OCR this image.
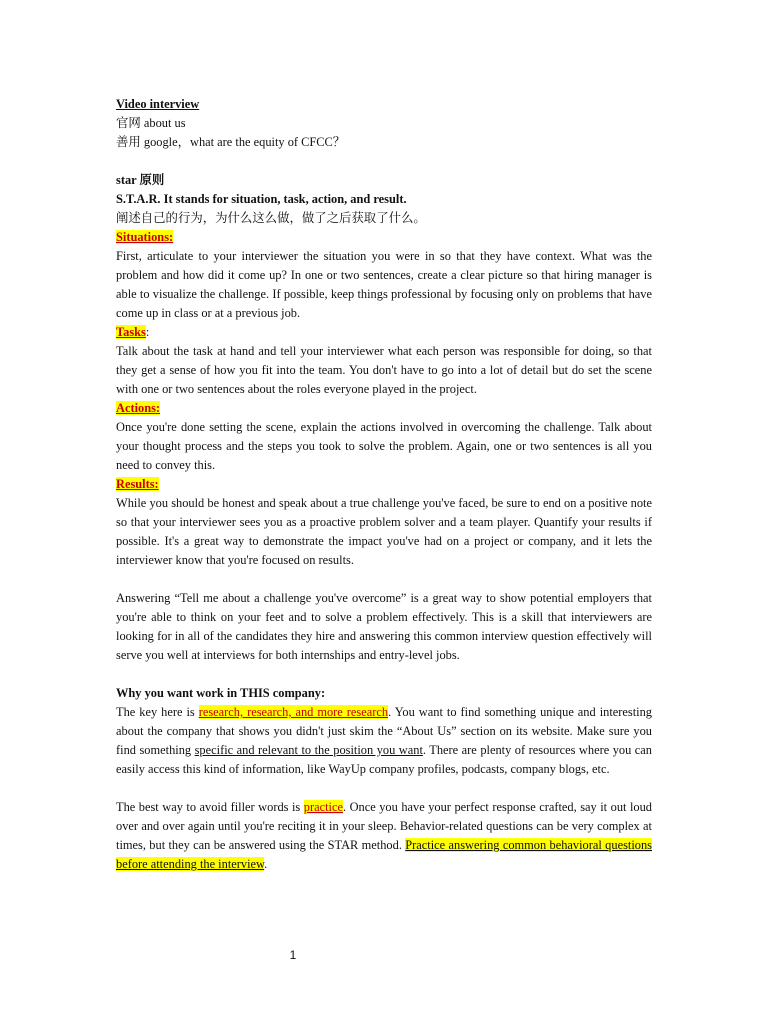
Video interview

官网 about us

善用 google，what are the equity of CFCC？

star 原则

S.T.A.R. It stands for situation, task, action, and result.

阐述自己的行为，为什么这么做，做了之后获取了什么。

Situations:

First, articulate to your interviewer the situation you were in so that they have context. What was the problem and how did it come up? In one or two sentences, create a clear picture so that hiring manager is able to visualize the challenge. If possible, keep things professional by focusing only on problems that have come up in class or at a previous job.

Tasks:

Talk about the task at hand and tell your interviewer what each person was responsible for doing, so that they get a sense of how you fit into the team. You don't have to go into a lot of detail but do set the scene with one or two sentences about the roles everyone played in the project.

Actions:

Once you're done setting the scene, explain the actions involved in overcoming the challenge. Talk about your thought process and the steps you took to solve the problem. Again, one or two sentences is all you need to convey this.

Results:

While you should be honest and speak about a true challenge you've faced, be sure to end on a positive note so that your interviewer sees you as a proactive problem solver and a team player. Quantify your results if possible. It's a great way to demonstrate the impact you've had on a project or company, and it lets the interviewer know that you're focused on results.

Answering “Tell me about a challenge you've overcome” is a great way to show potential employers that you're able to think on your feet and to solve a problem effectively. This is a skill that interviewers are looking for in all of the candidates they hire and answering this common interview question effectively will serve you well at interviews for both internships and entry-level jobs.

Why you want work in THIS company:

The key here is research, research, and more research. You want to find something unique and interesting about the company that shows you didn't just skim the “About Us” section on its website. Make sure you find something specific and relevant to the position you want. There are plenty of resources where you can easily access this kind of information, like WayUp company profiles, podcasts, company blogs, etc.

The best way to avoid filler words is practice. Once you have your perfect response crafted, say it out loud over and over again until you're reciting it in your sleep. Behavior-related questions can be very complex at times, but they can be answered using the STAR method. Practice answering common behavioral questions before attending the interview.

1
